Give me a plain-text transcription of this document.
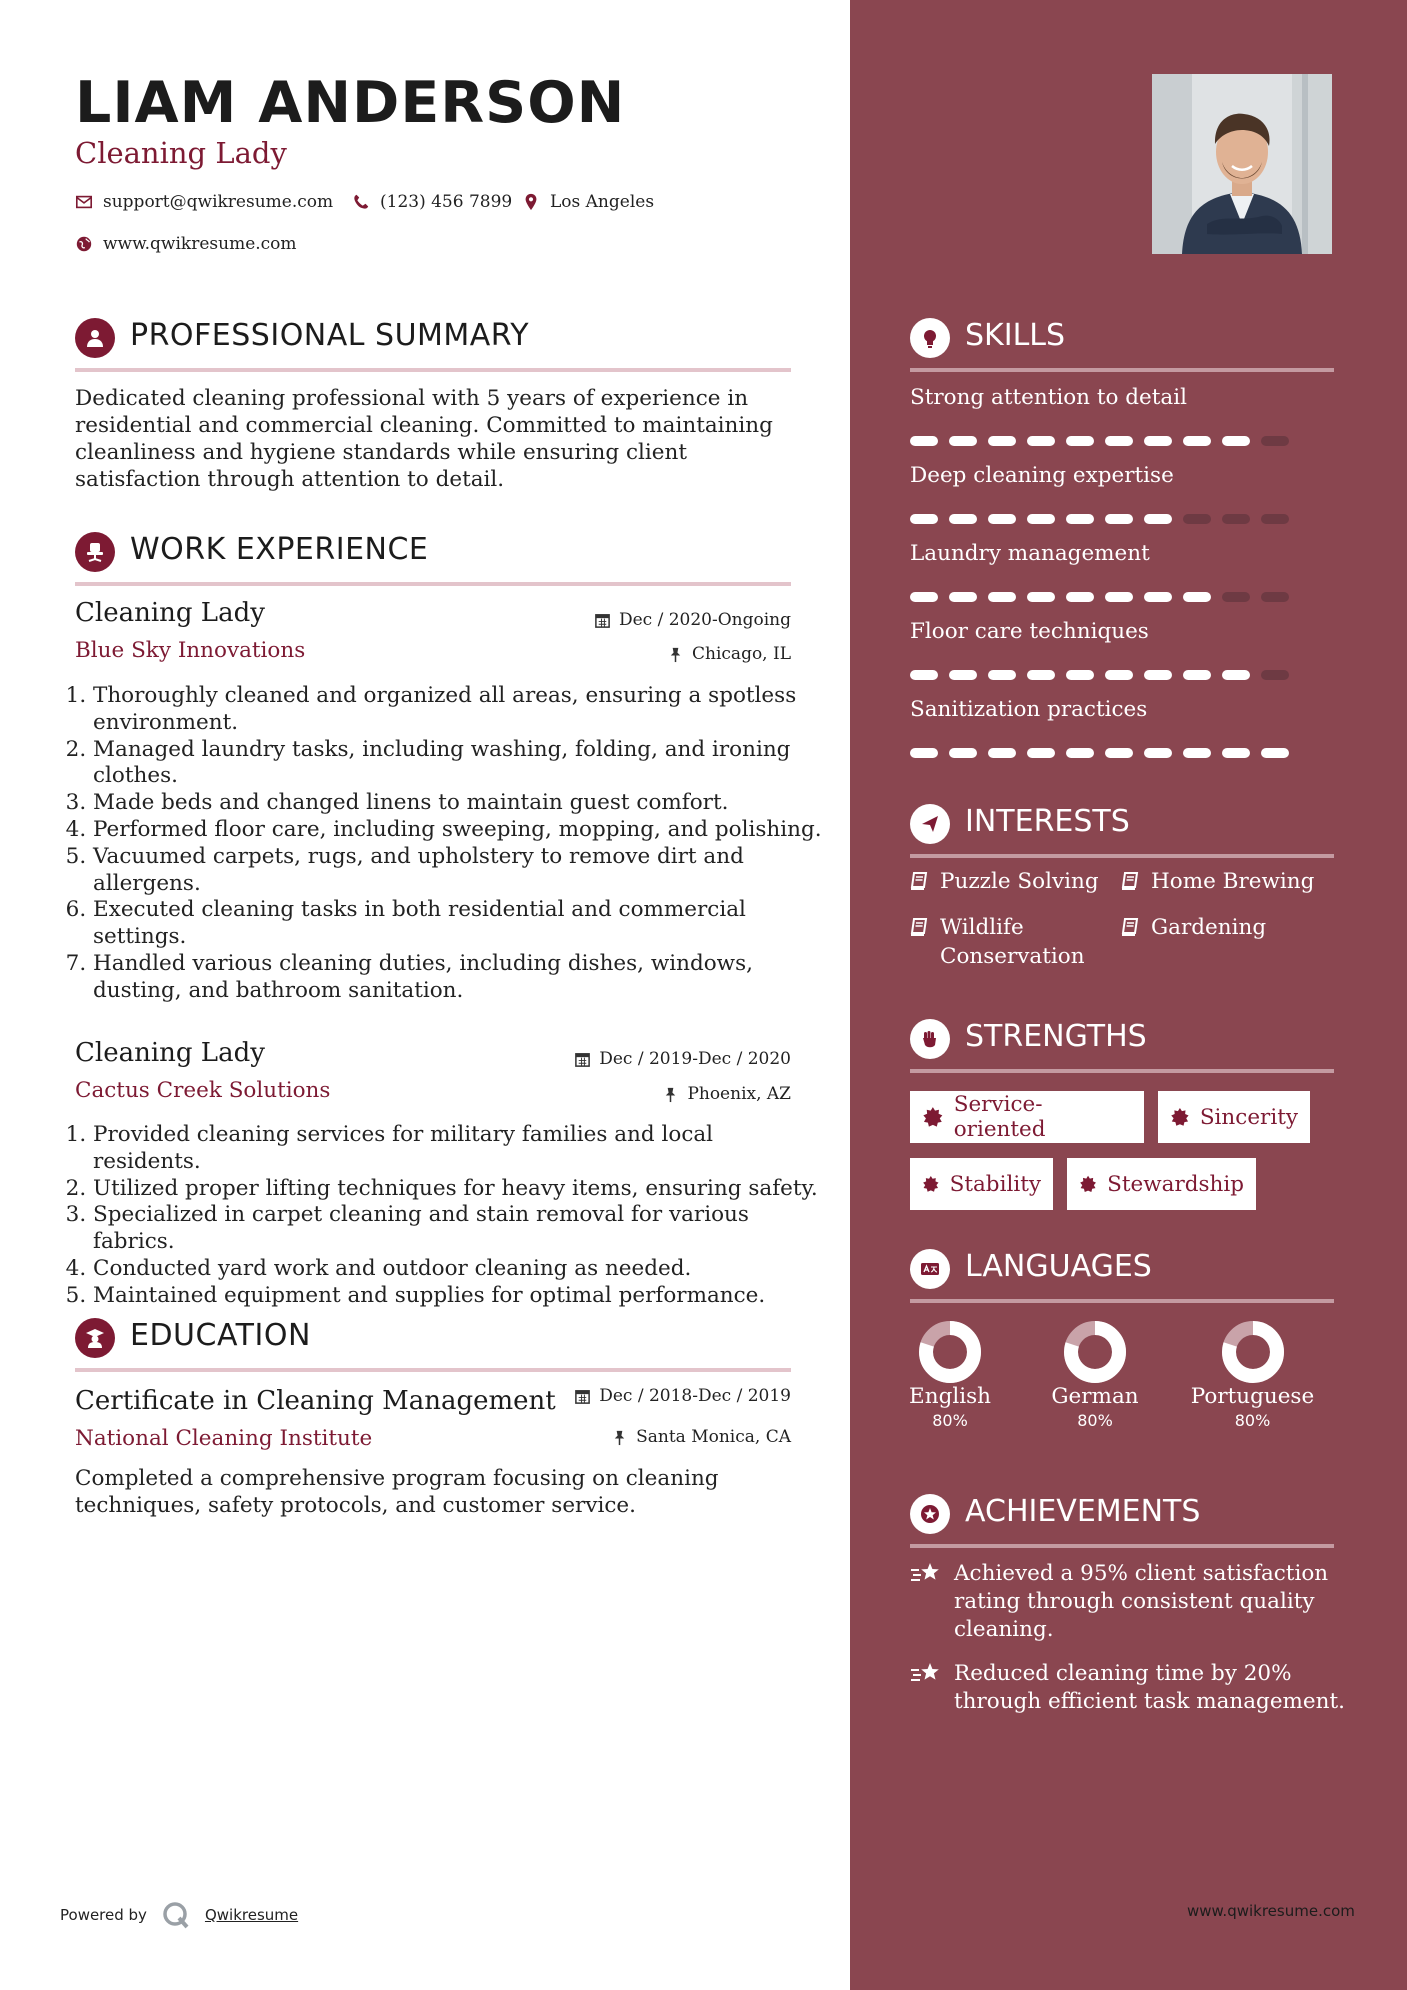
LIAM ANDERSON
Cleaning Lady
support@qwikresume.com	(123) 456 7899 Los Angeles
www.qwikresume.com
PROFESSIONAL SUMMARY
Dedicated cleaning professional with 5 years of experience in residential and commercial cleaning. Committed to maintaining cleanliness and hygiene standards while ensuring client satisfaction through attention to detail.
WORK EXPERIENCE
Cleaning Lady
Blue Sky Innovations
Dec / 2020-Ongoing
Chicago, IL
1. Thoroughly cleaned and organized all areas, ensuring a spotless environment.
2. Managed laundry tasks, including washing, folding, and ironing clothes.
3. Made beds and changed linens to maintain guest comfort.
4. Performed floor care, including sweeping, mopping, and polishing.
5. Vacuumed carpets, rugs, and upholstery to remove dirt and allergens.
6. Executed cleaning tasks in both residential and commercial settings.
7. Handled various cleaning duties, including dishes, windows, dusting, and bathroom sanitation.
Cleaning Lady
Cactus Creek Solutions
Dec / 2019-Dec / 2020
Phoenix, AZ
1. Provided cleaning services for military families and local residents.
2. Utilized proper lifting techniques for heavy items, ensuring safety.
3. Specialized in carpet cleaning and stain removal for various fabrics.
4. Conducted yard work and outdoor cleaning as needed.
5. Maintained equipment and supplies for optimal performance.
EDUCATION
Certificate in Cleaning Management
National Cleaning Institute
Dec / 2018-Dec / 2019
Santa Monica, CA
Completed a comprehensive program focusing on cleaning techniques, safety protocols, and customer service.
SKILLS
Strong attention to detail
Deep cleaning expertise
Laundry management
Floor care techniques
Sanitization practices
INTERESTS
Puzzle Solving Home Brewing
Wildlife Conservation
Gardening
STRENGTHS
Service-oriented	Sincerity
Stability	Stewardship
LANGUAGES
English
80%
German
80%
Portuguese
80%
ACHIEVEMENTS
Achieved a 95% client satisfaction rating through consistent quality cleaning.
Reduced cleaning time by 20% through efficient task management.
Powered by	Qwikresume	www.qwikresume.com
